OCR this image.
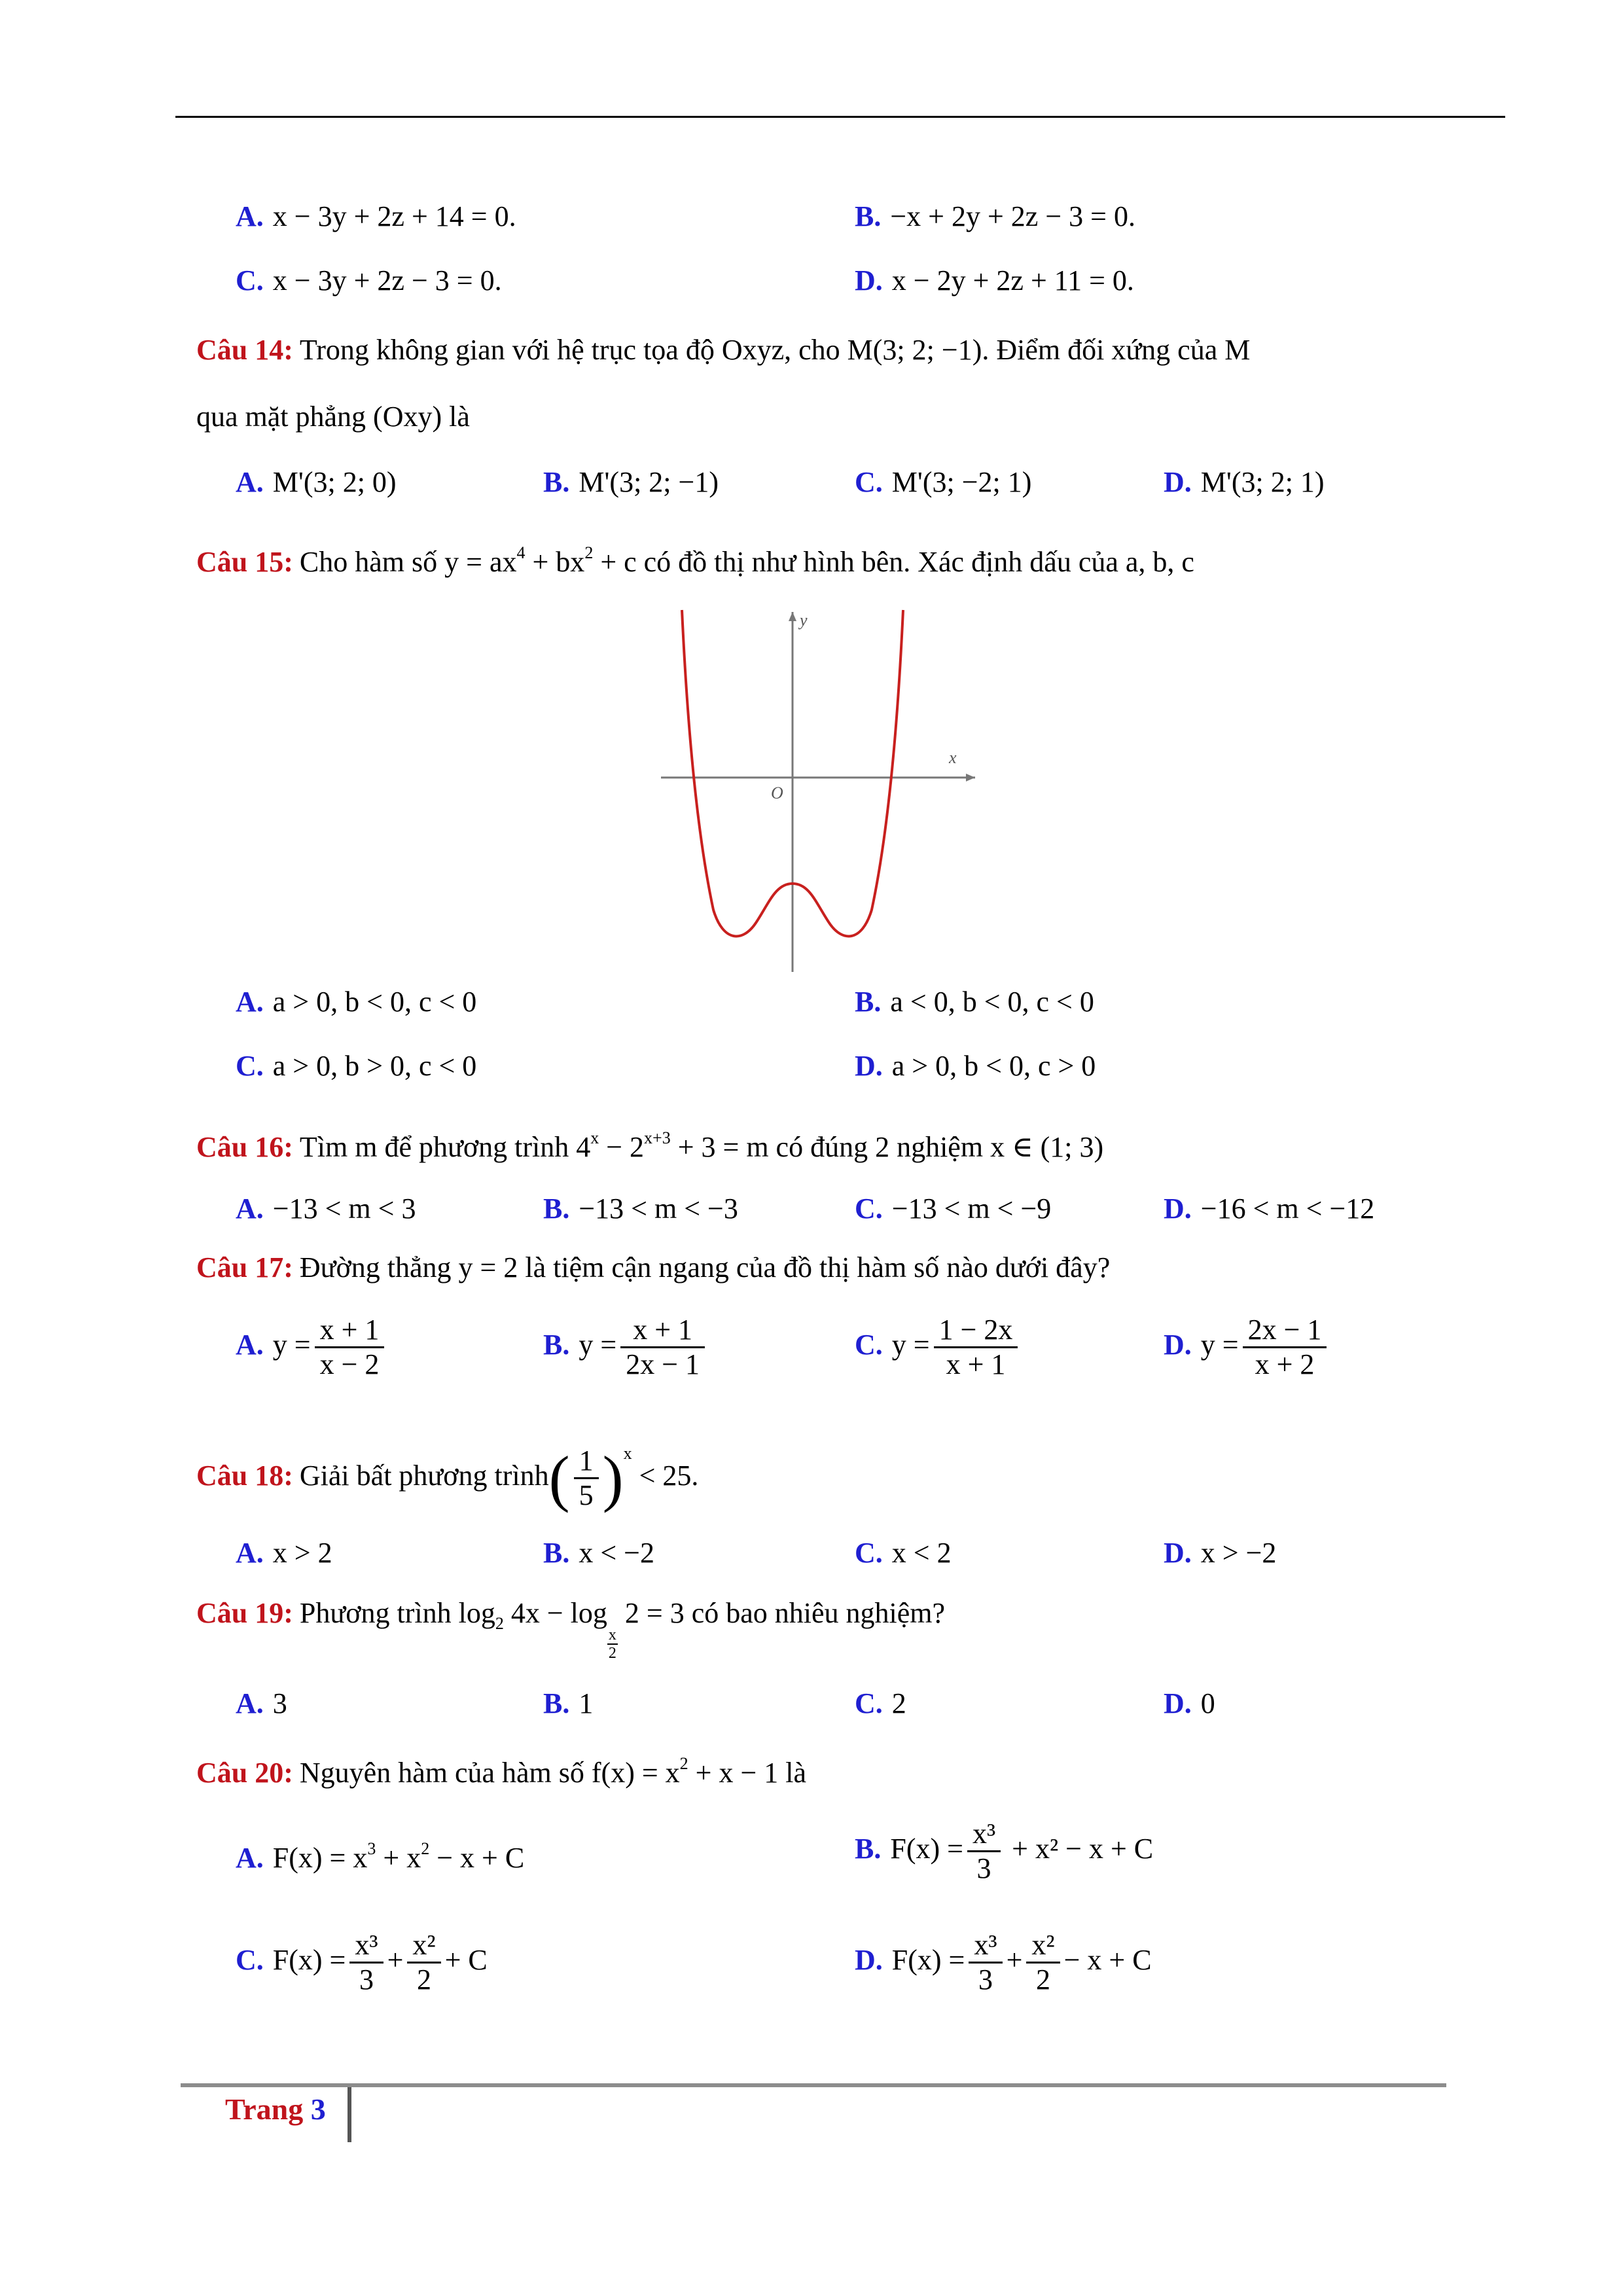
A. x − 3y + 2z + 14 = 0.	B. −x + 2y + 2z − 3 = 0.
C. x − 3y + 2z − 3 = 0.	D. x − 2y + 2z + 11 = 0.
Câu 14: Trong không gian với hệ trục tọa độ Oxyz, cho M(3; 2; −1). Điểm đối xứng của M
qua mặt phẳng (Oxy) là
A. M'(3; 2; 0)	B. M'(3; 2; −1)	C. M'(3; −2; 1)	D. M'(3; 2; 1)
Câu 15: Cho hàm số $y = ax^4 + bx^2 + c$ có đồ thị như hình bên. Xác định dấu của a, b, c
x
y
O
A. a > 0, b < 0, c < 0	B. a < 0, b < 0, c < 0
C. a > 0, b > 0, c < 0	D. a > 0, b < 0, c > 0
Câu 16: Tìm m để phương trình $4^x - 2^{x+3} + 3 = m$ có đúng 2 nghiệm x ∈ (1; 3)
A. −13 < m < 3	B. −13 < m < −3	C. −13 < m < −9	D. −16 < m < −12
Câu 17: Đường thẳng y = 2 là tiệm cận ngang của đồ thị hàm số nào dưới đây?
A. $y = \frac{x + 1}{x - 2}$	B. $y = \frac{x + 1}{2x - 1}$	C. $y = \frac{1 - 2x}{x + 1}$	D. $y = \frac{2x - 1}{x + 2}$
Câu 18: Giải bất phương trình( $\frac{1}{5} )^x < 25$.
A. x > 2	B. x < −2	C. x < 2	D. x > −2
Câu 19: Phương trình $\log_2 4x - \log$
$\frac{x}{2}$
2 = 3 có bao nhiêu nghiệm?
A. 3	B. 1	C. 2	D. 0
Câu 20: Nguyên hàm của hàm số $f(x) = x^2 + x - 1$ là
A. $F(x) = x^3 + x^2 - x + C$	B. $F(x) = \frac{\text{x³}}{3} + x^2 - x + C$
C. $F(x) = \frac{\text{x³}}{3} + \frac{\text{x²}}{2} + C$	D. $F(x) = \frac{\text{x³}}{3} + \frac{\text{x²}}{2} - x + C$
Trang 3
